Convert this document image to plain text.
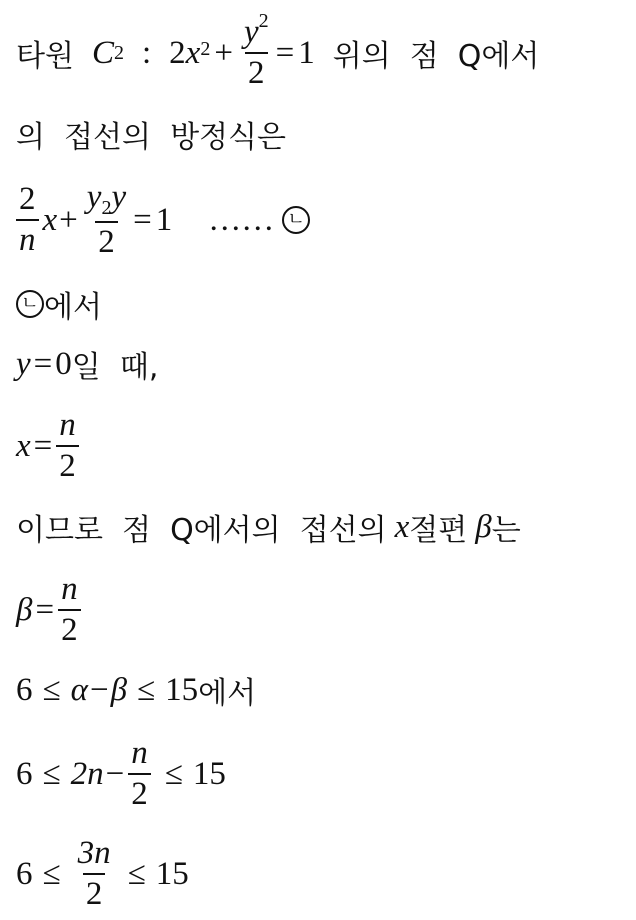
타원 C 2 : 2 x $2 + \frac{y^2}{2} = 1$ 위의  점  Q에서
의  접선의  방정식은
$\frac{2}{n}$ $x + \frac{y_2y}{2} = 1$ …… ㄴ
ㄴ 에서
y = 0 일  때,
$x = \frac{n}{2}$
이므로  점  Q에서의  접선의 x 절편 β 는
$\beta = \frac{n}{2}$
6 ≤ α − β ≤ 15 에서
$6 \le 2n - \frac{n}{2} \le 15$
$6 \le \frac{3n}{2} \le 15$
